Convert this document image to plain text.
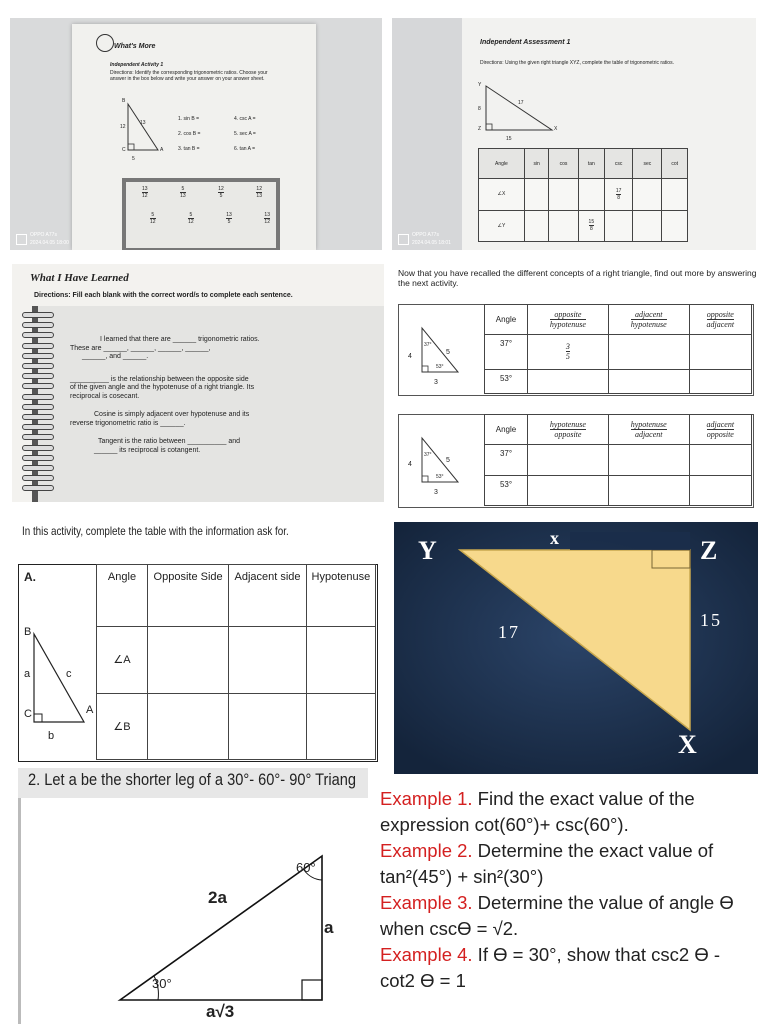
What's More
Independent Activity 1
Directions: Identify the corresponding trigonometric ratios. Choose your answer in the box below and write your answer on your answer sheet.
B
C	A
12
13
5
1. sin B =
2. cos B =
3. tan B =
4. csc A =
5. sec A =
6. tan A =
$\frac{13}{12}$	$\frac{5}{13}$	$\frac{12}{5}$	$\frac{12}{13}$
$\frac{5}{12}$	$\frac{5}{12}$	$\frac{13}{5}$	$\frac{13}{12}$
OPPO A77s
2024.04.05 18:00
Independent Assessment 1
Directions: Using the given right triangle XYZ, complete the table of trigonometric ratios.
Y
Z	X
8
17
15
Angle	sin	cos	tan	csc	sec	cot
∠X				$\frac{17}{8}$

∠Y			$\frac{15}{8}$

OPPO A77s
2024.04.05 18:01
What I Have Learned
Directions: Fill each blank with the correct word/s to complete each sentence.
I learned that there are ______ trigonometric ratios.
These are ______, ______, ______, ______,
______, and ______.
__________ is the relationship between the opposite side
of the given angle and the hypotenuse of a right triangle. Its
reciprocal is cosecant.
Cosine is simply adjacent over hypotenuse and its
reverse trigonometric ratio is ______.
Tangent is the ratio between __________ and
______ its reciprocal is cotangent.
Now that you have recalled the different concepts of a right triangle, find out more by answering the next activity.
37°
53°
4
5
3
Angle	$\frac{\text{opposite}}{\text{hypotenuse}}$	$\frac{\text{adjacent}}{\text{hypotenuse}}$	$\frac{\text{opposite}}{\text{adjacent}}$

37°	$\frac{3}{5}$

53°			
37°
53°
4
5
3
Angle	$\frac{\text{hypotenuse}}{\text{opposite}}$	$\frac{\text{hypotenuse}}{\text{adjacent}}$	$\frac{\text{adjacent}}{\text{opposite}}$

37°			
53°			
In this activity, complete the table with the information ask for.
A.
B
C	A
a	c
b
Angle	Opposite Side	Adjacent side	Hypotenuse
∠A			
∠B			
Y	Z
X
x
17
15
2. Let a be the shorter leg of a 30°- 60°- 90° Triang
60°
30°
2a
a
a√3
Example 1. Find the exact value of the expression cot(60°)+ csc(60°).
Example 2. Determine the exact value of tan²(45°) + sin²(30°)
Example 3. Determine the value of angle ϴ when cscϴ = √2.
Example 4. If ϴ = 30°, show that csc2 ϴ - cot2 ϴ = 1
